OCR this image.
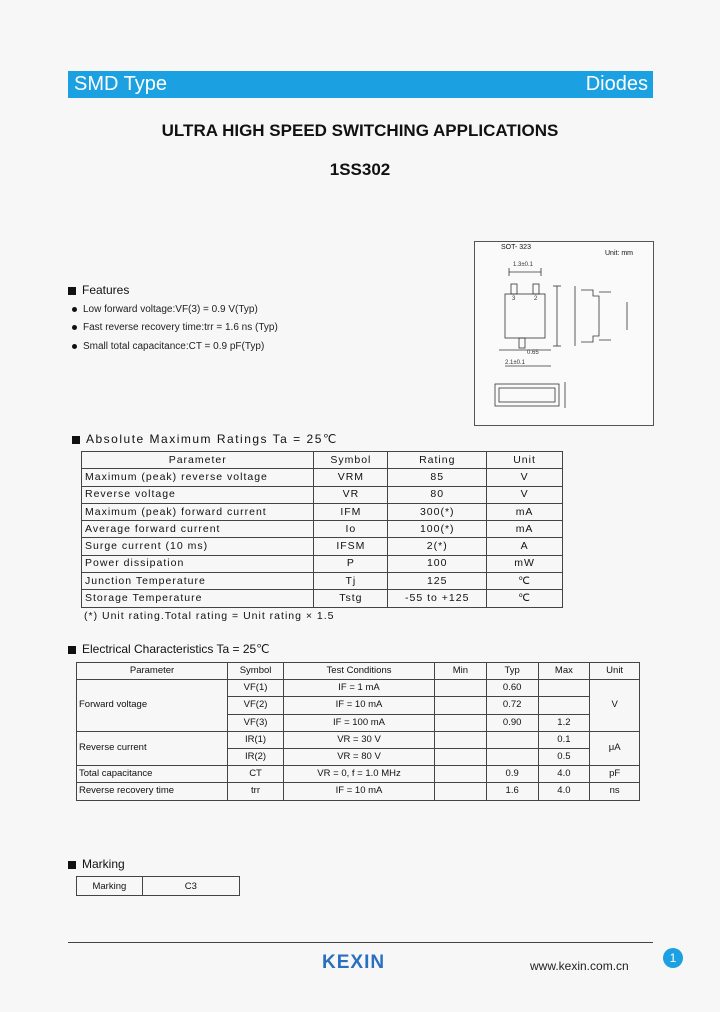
SMD Type	Diodes
ULTRA HIGH SPEED SWITCHING APPLICATIONS
1SS302
SOT- 323
Unit: mm
1.3±0.1
2.1±0.1
0.65
3	2
Features
Low forward voltage:VF(3) = 0.9 V(Typ)
Fast reverse recovery time:trr = 1.6 ns (Typ)
Small total capacitance:CT = 0.9 pF(Typ)
Absolute Maximum Ratings Ta = 25℃
Parameter	Symbol	Rating	Unit
Maximum (peak) reverse voltage	VRM	85	V
Reverse voltage	VR	80	V
Maximum (peak) forward current	IFM	300(*)	mA
Average forward current	Io	100(*)	mA
Surge current (10 ms)	IFSM	2(*)	A
Power dissipation	P	100	mW
Junction Temperature	Tj	125	℃
Storage Temperature	Tstg	-55 to +125	℃
(*) Unit rating.Total rating = Unit rating × 1.5
Electrical Characteristics Ta = 25℃
Parameter	Symbol	Test Conditions	Min	Typ	Max	Unit
Forward voltage	VF(1)	IF = 1 mA		0.60		V
	VF(2)	IF = 10 mA		0.72		
	VF(3)	IF = 100 mA		0.90	1.2	
Reverse current	IR(1)	VR = 30 V			0.1	μA
	IR(2)	VR = 80 V			0.5	
Total capacitance	CT	VR = 0, f = 1.0 MHz		0.9	4.0	pF
Reverse recovery time	trr	IF = 10 mA		1.6	4.0	ns
Marking
Marking	C3
KEXIN	www.kexin.com.cn
1
